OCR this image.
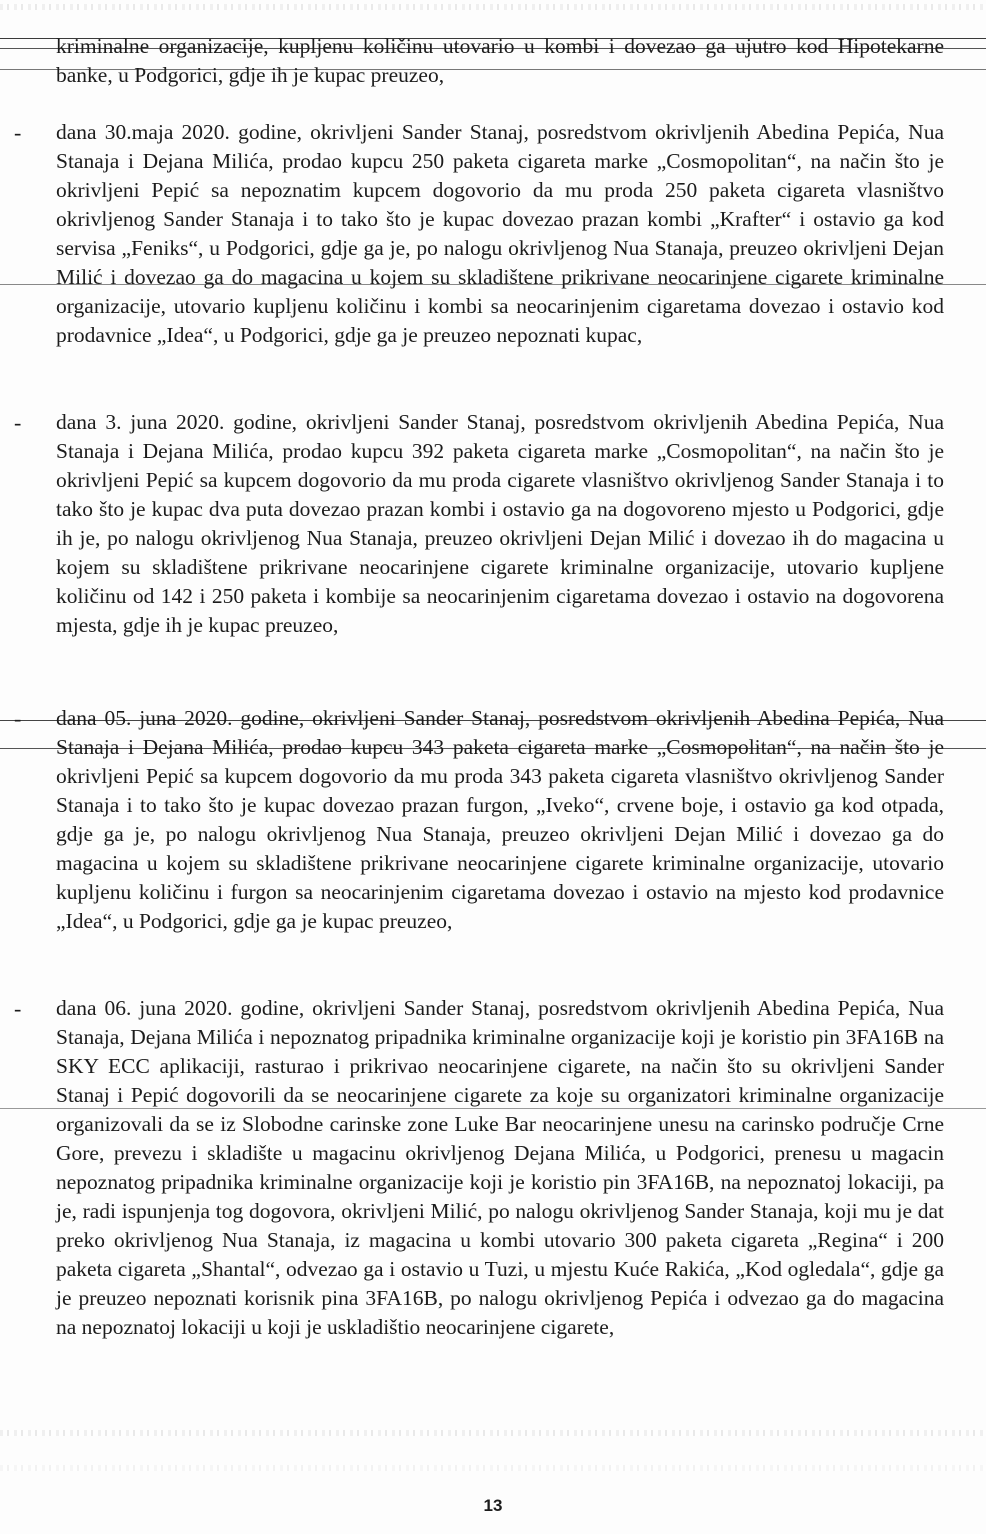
kriminalne organizacije, kupljenu količinu utovario u kombi i dovezao ga ujutro kod Hipotekarne banke, u Podgorici, gdje ih je kupac preuzeo,

- dana 30.maja 2020. godine, okrivljeni Sander Stanaj, posredstvom okrivljenih Abedina Pepića, Nua Stanaja i Dejana Milića, prodao kupcu 250 paketa cigareta marke „Cosmopolitan“, na način što je okrivljeni Pepić sa nepoznatim kupcem dogovorio da mu proda 250 paketa cigareta vlasništvo okrivljenog Sander Stanaja i to tako što je kupac dovezao prazan kombi „Krafter“ i ostavio ga kod servisa „Feniks“, u Podgorici, gdje ga je, po nalogu okrivljenog Nua Stanaja, preuzeo okrivljeni Dejan Milić i dovezao ga do magacina u kojem su skladištene prikrivane neocarinjene cigarete kriminalne organizacije, utovario kupljenu količinu i kombi sa neocarinjenim cigaretama dovezao i ostavio kod prodavnice „Idea“, u Podgorici, gdje ga je preuzeo nepoznati kupac,

- dana 3. juna 2020. godine, okrivljeni Sander Stanaj, posredstvom okrivljenih Abedina Pepića, Nua Stanaja i Dejana Milića, prodao kupcu 392 paketa cigareta marke „Cosmopolitan“, na način što je okrivljeni Pepić sa kupcem dogovorio da mu proda cigarete vlasništvo okrivljenog Sander Stanaja i to tako što je kupac dva puta dovezao prazan kombi i ostavio ga na dogovoreno mjesto u Podgorici, gdje ih je, po nalogu okrivljenog Nua Stanaja, preuzeo okrivljeni Dejan Milić i dovezao ih do magacina u kojem su skladištene prikrivane neocarinjene cigarete kriminalne organizacije, utovario kupljene količinu od 142 i 250 paketa i kombije sa neocarinjenim cigaretama dovezao i ostavio na dogovorena mjesta, gdje ih je kupac preuzeo,

- dana 05. juna 2020. godine, okrivljeni Sander Stanaj, posredstvom okrivljenih Abedina Pepića, Nua Stanaja i Dejana Milića, prodao kupcu 343 paketa cigareta marke „Cosmopolitan“, na način što je okrivljeni Pepić sa kupcem dogovorio da mu proda 343 paketa cigareta vlasništvo okrivljenog Sander Stanaja i to tako što je kupac dovezao prazan furgon, „Iveko“, crvene boje, i ostavio ga kod otpada, gdje ga je, po nalogu okrivljenog Nua Stanaja, preuzeo okrivljeni Dejan Milić i dovezao ga do magacina u kojem su skladištene prikrivane neocarinjene cigarete kriminalne organizacije, utovario kupljenu količinu i furgon sa neocarinjenim cigaretama dovezao i ostavio na mjesto kod prodavnice „Idea“, u Podgorici, gdje ga je kupac preuzeo,

- dana 06. juna 2020. godine, okrivljeni Sander Stanaj, posredstvom okrivljenih Abedina Pepića, Nua Stanaja, Dejana Milića i nepoznatog pripadnika kriminalne organizacije koji je koristio pin 3FA16B na SKY ECC aplikaciji, rasturao i prikrivao neocarinjene cigarete, na način što su okrivljeni Sander Stanaj i Pepić dogovorili da se neocarinjene cigarete za koje su organizatori kriminalne organizacije organizovali da se iz Slobodne carinske zone Luke Bar neocarinjene unesu na carinsko područje Crne Gore, prevezu i skladište u magacinu okrivljenog Dejana Milića, u Podgorici, prenesu u magacin nepoznatog pripadnika kriminalne organizacije koji je koristio pin 3FA16B, na nepoznatoj lokaciji, pa je, radi ispunjenja tog dogovora, okrivljeni Milić, po nalogu okrivljenog Sander Stanaja, koji mu je dat preko okrivljenog Nua Stanaja, iz magacina u kombi utovario 300 paketa cigareta „Regina“ i 200 paketa cigareta „Shantal“, odvezao ga i ostavio u Tuzi, u mjestu Kuće Rakića, „Kod ogledala“, gdje ga je preuzeo nepoznati korisnik pina 3FA16B, po nalogu okrivljenog Pepića i odvezao ga do magacina na nepoznatoj lokaciji u koji je uskladištio neocarinjene cigarete,

13
